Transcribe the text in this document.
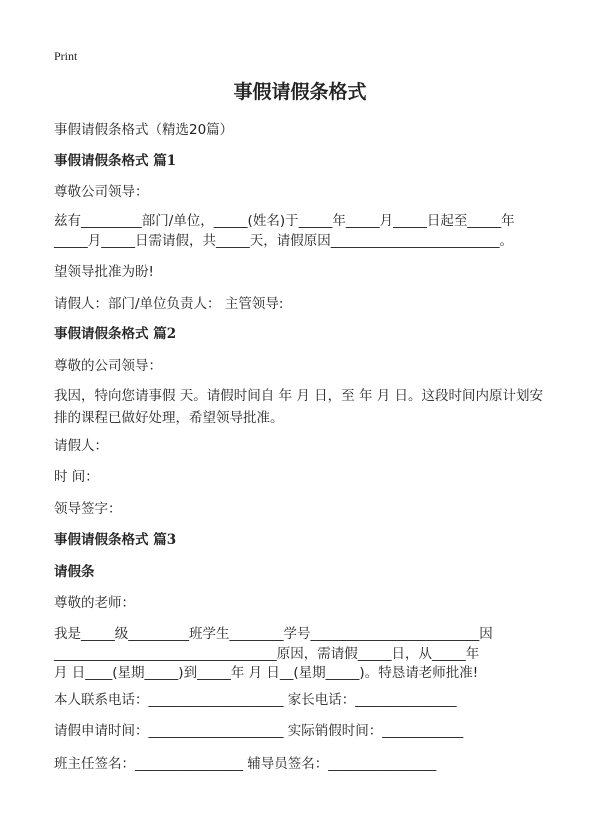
Print

事假请假条格式

事假请假条格式（精选20篇）

事假请假条格式 篇1

尊敬公司领导：

兹有_________部门/单位，_____(姓名)于_____年_____月_____日起至_____年

_____月_____日需请假，共_____天，请假原因_________________________。

望领导批准为盼!

请假人：部门/单位负责人： 主管领导:

事假请假条格式 篇2

尊敬的公司领导：

我因，特向您请事假 天。请假时间自 年 月 日，至 年 月 日。这段时间内原计划安排的课程已做好处理，希望领导批准。

请假人：

时 间：

领导签字：

事假请假条格式 篇3

请假条

尊敬的老师：

我是_____级_________班学生________学号_________________________因

_________________________________原因，需请假_____日，从_____年

月 日____(星期_____)到_____年 月 日__(星期_____)。特恳请老师批准!

本人联系电话：____________________ 家长电话：_______________

请假申请时间：____________________ 实际销假时间：____________

班主任签名：________________ 辅导员签名：________________
